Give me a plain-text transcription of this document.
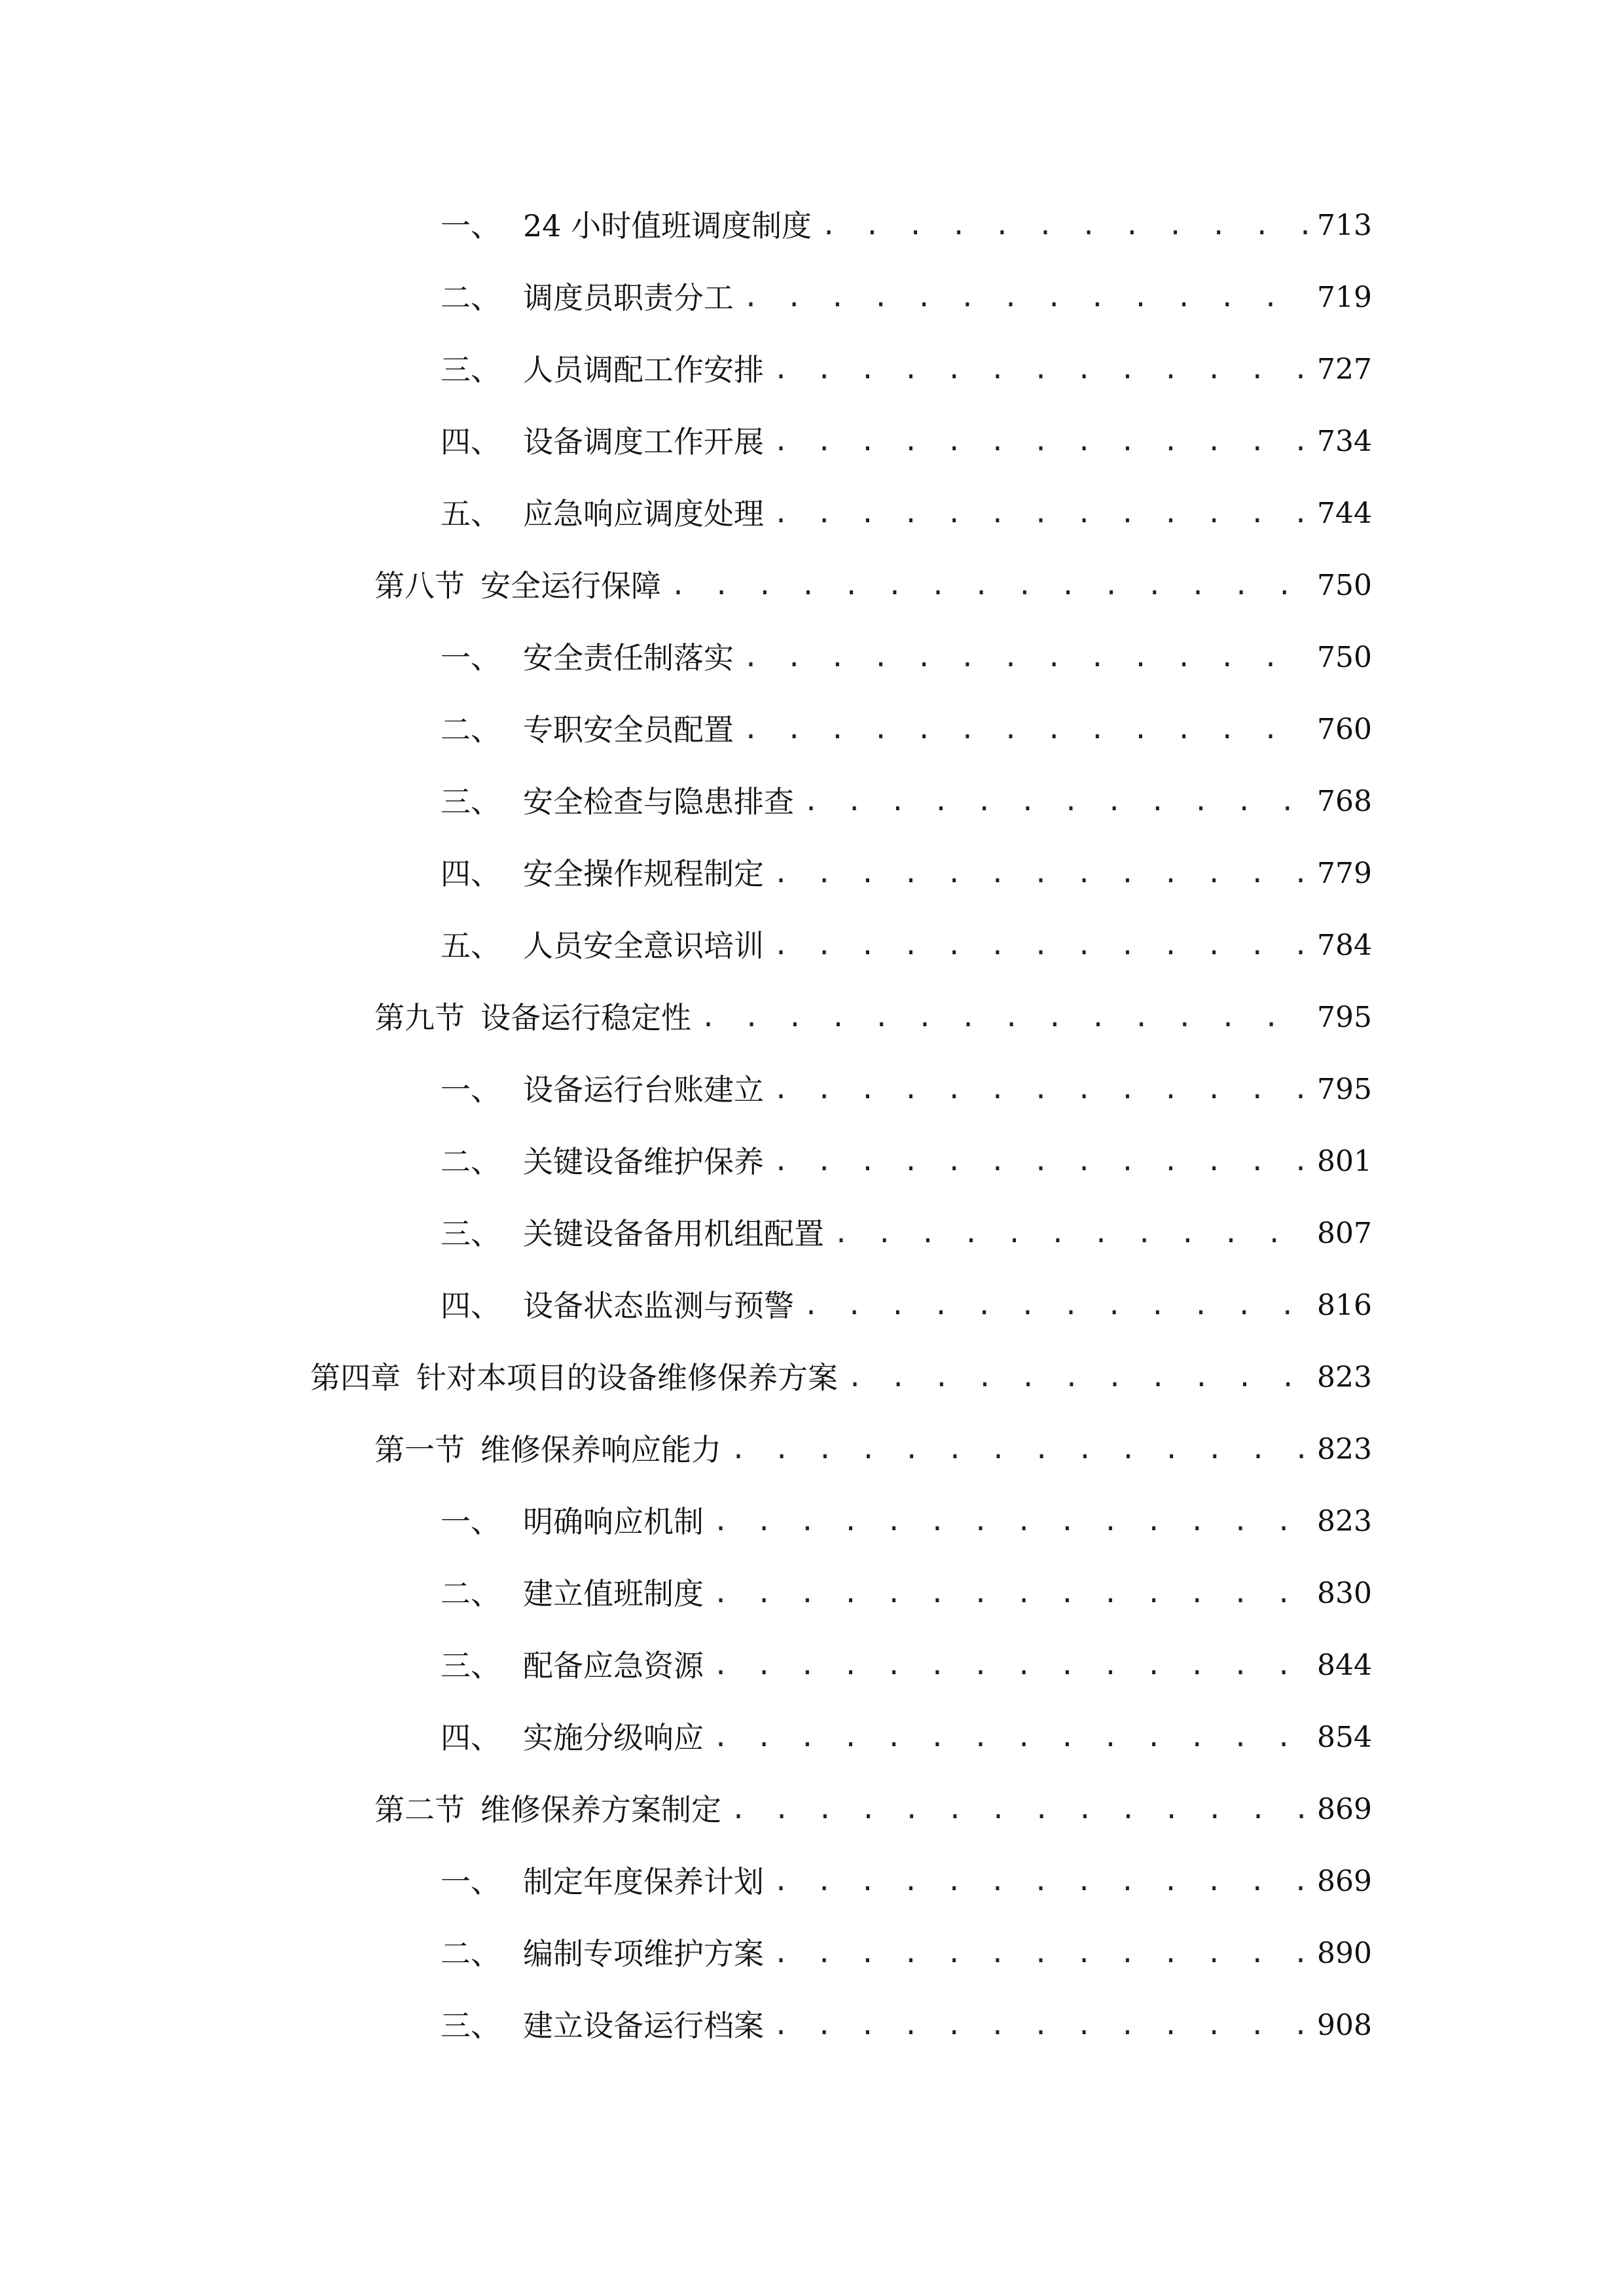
一、 24 小时值班调度制度 . . .	713
二、 调度员职责分工 . . .	719
三、 人员调配工作安排 . . .	727
四、 设备调度工作开展 . . .	734
五、 应急响应调度处理 . . .	744
第八节 安全运行保障 . . .	750
一、 安全责任制落实 . . .	750
二、 专职安全员配置 . . .	760
三、 安全检查与隐患排查 . . .	768
四、 安全操作规程制定 . . .	779
五、 人员安全意识培训 . . .	784
第九节 设备运行稳定性 . . .	795
一、 设备运行台账建立 . . .	795
二、 关键设备维护保养 . . .	801
三、 关键设备备用机组配置 . . .	807
四、 设备状态监测与预警 . . .	816
第四章 针对本项目的设备维修保养方案 . . .	823
第一节 维修保养响应能力 . . .	823
一、 明确响应机制 . . .	823
二、 建立值班制度 . . .	830
三、 配备应急资源 . . .	844
四、 实施分级响应 . . .	854
第二节 维修保养方案制定 . . .	869
一、 制定年度保养计划 . . .	869
二、 编制专项维护方案 . . .	890
三、 建立设备运行档案 . . .	908
